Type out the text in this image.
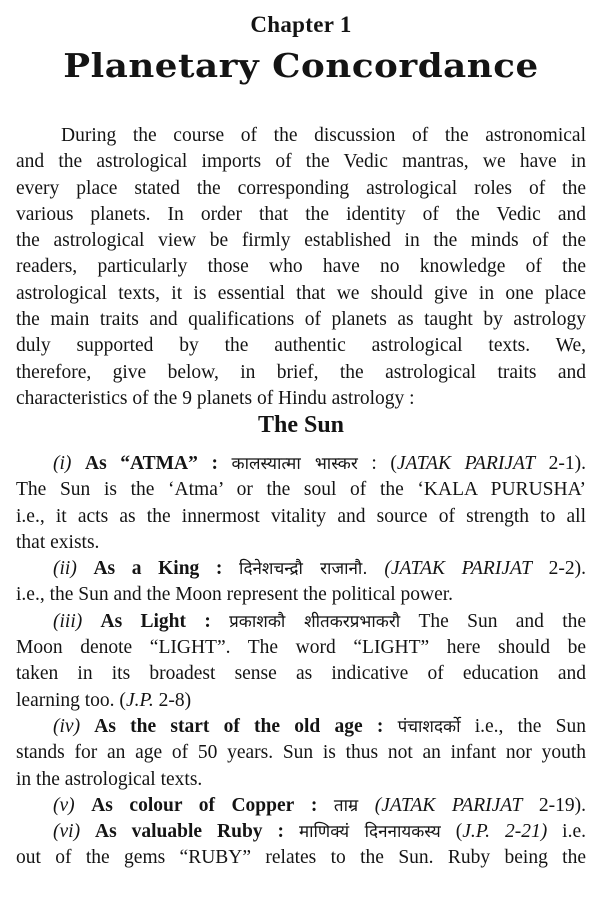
Chapter 1
Planetary Concordance
During the course of the discussion of the astronomical
and the astrological imports of the Vedic mantras, we have in
every place stated the corresponding astrological roles of the
various planets. In order that the identity of the Vedic and
the astrological view be firmly established in the minds of the
readers, particularly those who have no knowledge of the
astrological texts, it is essential that we should give in one place
the main traits and qualifications of planets as taught by astrology
duly supported by the authentic astrological texts. We,
therefore, give below, in brief, the astrological traits and
characteristics of the 9 planets of Hindu astrology :
The Sun
(i) As “ATMA” : कालस्यात्मा भास्कर : (JATAK PARIJAT 2-1).
The Sun is the ‘Atma’ or the soul of the ‘KALA PURUSHA’
i.e., it acts as the innermost vitality and source of strength to all
that exists.
(ii) As a King : दिनेशचन्द्रौ राजानौ. (JATAK PARIJAT 2-2).
i.e., the Sun and the Moon represent the political power.
(iii) As Light : प्रकाशकौ शीतकरप्रभाकरौ The Sun and the
Moon denote “LIGHT”. The word “LIGHT” here should be
taken in its broadest sense as indicative of education and
learning too. (J.P. 2-8)
(iv) As the start of the old age : पंचाशदर्को i.e., the Sun
stands for an age of 50 years. Sun is thus not an infant nor youth
in the astrological texts.
(v) As colour of Copper : ताम्र (JATAK PARIJAT 2-19).
(vi) As valuable Ruby : माणिक्यं दिननायकस्य (J.P. 2-21) i.e.
out of the gems “RUBY” relates to the Sun. Ruby being the
